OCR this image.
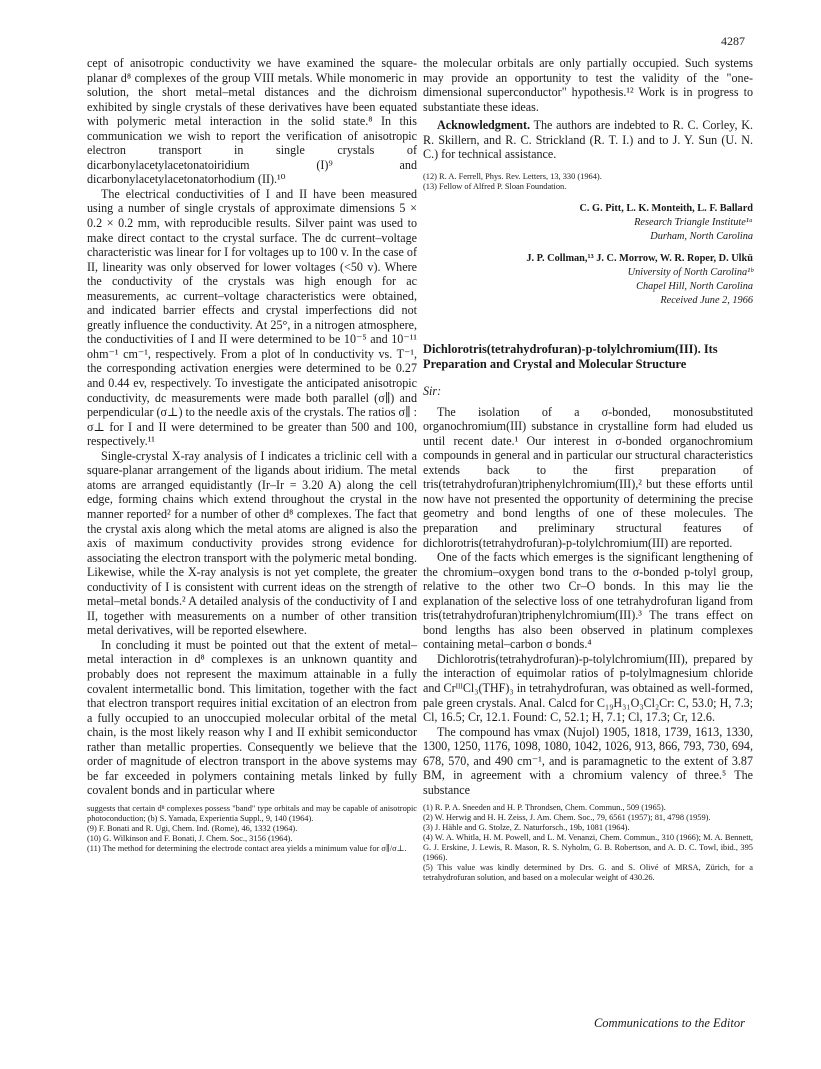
4287

cept of anisotropic conductivity we have examined the square-planar d⁸ complexes of the group VIII metals. While monomeric in solution, the short metal–metal distances and the dichroism exhibited by single crystals of these derivatives have been equated with polymeric metal interaction in the solid state.⁸ In this communication we wish to report the verification of anisotropic electron transport in single crystals of dicarbonylacetylacetonatoiridium (I)⁹ and dicarbonylacetylacetonatorhodium (II).¹⁰

The electrical conductivities of I and II have been measured using a number of single crystals of approximate dimensions 5 × 0.2 × 0.2 mm, with reproducible results. Silver paint was used to make direct contact to the crystal surface. The dc current–voltage characteristic was linear for I for voltages up to 100 v. In the case of II, linearity was only observed for lower voltages (<50 v). Where the conductivity of the crystals was high enough for ac measurements, ac current–voltage characteristics were obtained, and indicated barrier effects and crystal imperfections did not greatly influence the conductivity. At 25°, in a nitrogen atmosphere, the conductivities of I and II were determined to be 10⁻⁵ and 10⁻¹¹ ohm⁻¹ cm⁻¹, respectively. From a plot of ln conductivity vs. T⁻¹, the corresponding activation energies were determined to be 0.27 and 0.44 ev, respectively. To investigate the anticipated anisotropic conductivity, dc measurements were made both parallel (σ∥) and perpendicular (σ⊥) to the needle axis of the crystals. The ratios σ∥ : σ⊥ for I and II were determined to be greater than 500 and 100, respectively.¹¹

Single-crystal X-ray analysis of I indicates a triclinic cell with a square-planar arrangement of the ligands about iridium. The metal atoms are arranged equidistantly (Ir–Ir = 3.20 A) along the cell edge, forming chains which extend throughout the crystal in the manner reported² for a number of other d⁸ complexes. The fact that the crystal axis along which the metal atoms are aligned is also the axis of maximum conductivity provides strong evidence for associating the electron transport with the polymeric metal bonding. Likewise, while the X-ray analysis is not yet complete, the greater conductivity of I is consistent with current ideas on the strength of metal–metal bonds.² A detailed analysis of the conductivity of I and II, together with measurements on a number of other transition metal derivatives, will be reported elsewhere.

In concluding it must be pointed out that the extent of metal–metal interaction in d⁸ complexes is an unknown quantity and probably does not represent the maximum attainable in a fully covalent intermetallic bond. This limitation, together with the fact that electron transport requires initial excitation of an electron from a fully occupied to an unoccupied molecular orbital of the metal chain, is the most likely reason why I and II exhibit semiconductor rather than metallic properties. Consequently we believe that the order of magnitude of electron transport in the above systems may be far exceeded in polymers containing metals linked by fully covalent bonds and in particular where

suggests that certain d⁸ complexes possess "band" type orbitals and may be capable of anisotropic photoconduction; (b) S. Yamada, Experientia Suppl., 9, 140 (1964).

(9) F. Bonati and R. Ugi, Chem. Ind. (Rome), 46, 1332 (1964).

(10) G. Wilkinson and F. Bonati, J. Chem. Soc., 3156 (1964).

(11) The method for determining the electrode contact area yields a minimum value for σ∥/σ⊥.

the molecular orbitals are only partially occupied. Such systems may provide an opportunity to test the validity of the "one-dimensional superconductor" hypothesis.¹² Work is in progress to substantiate these ideas.

Acknowledgment. The authors are indebted to R. C. Corley, K. R. Skillern, and R. C. Strickland (R. T. I.) and to J. Y. Sun (U. N. C.) for technical assistance.

(12) R. A. Ferrell, Phys. Rev. Letters, 13, 330 (1964).

(13) Fellow of Alfred P. Sloan Foundation.

C. G. Pitt, L. K. Monteith, L. F. Ballard
Research Triangle Institute¹ᵃ
Durham, North Carolina
J. P. Collman,¹³ J. C. Morrow, W. R. Roper, D. Ulkü
University of North Carolina¹ᵇ
Chapel Hill, North Carolina
Received June 2, 1966
Dichlorotris(tetrahydrofuran)-p-tolylchromium(III). Its Preparation and Crystal and Molecular Structure
Sir:

The isolation of a σ-bonded, monosubstituted organochromium(III) substance in crystalline form had eluded us until recent date.¹ Our interest in σ-bonded organochromium compounds in general and in particular our structural characteristics extends back to the first preparation of tris(tetrahydrofuran)triphenylchromium(III),² but these efforts until now have not presented the opportunity of determining the precise geometry and bond lengths of one of these molecules. The preparation and preliminary structural features of dichlorotris(tetrahydrofuran)-p-tolylchromium(III) are reported.

One of the facts which emerges is the significant lengthening of the chromium–oxygen bond trans to the σ-bonded p-tolyl group, relative to the other two Cr–O bonds. In this may lie the explanation of the selective loss of one tetrahydrofuran ligand from tris(tetrahydrofuran)triphenylchromium(III).³ The trans effect on bond lengths has also been observed in platinum complexes containing metal–carbon σ bonds.⁴

Dichlorotris(tetrahydrofuran)-p-tolylchromium(III), prepared by the interaction of equimolar ratios of p-tolylmagnesium chloride and CrᴵᴵᴵCl₃(THF)₃ in tetrahydrofuran, was obtained as well-formed, pale green crystals. Anal. Calcd for C₁₉H₃₁O₃Cl₂Cr: C, 53.0; H, 7.3; Cl, 16.5; Cr, 12.1. Found: C, 52.1; H, 7.1; Cl, 17.3; Cr, 12.6.

The compound has νmax (Nujol) 1905, 1818, 1739, 1613, 1330, 1300, 1250, 1176, 1098, 1080, 1042, 1026, 913, 866, 793, 730, 694, 678, 570, and 490 cm⁻¹, and is paramagnetic to the extent of 3.87 BM, in agreement with a chromium valency of three.⁵ The substance

(1) R. P. A. Sneeden and H. P. Throndsen, Chem. Commun., 509 (1965).

(2) W. Herwig and H. H. Zeiss, J. Am. Chem. Soc., 79, 6561 (1957); 81, 4798 (1959).

(3) J. Hähle and G. Stolze, Z. Naturforsch., 19b, 1081 (1964).

(4) W. A. Whitla, H. M. Powell, and L. M. Venanzi, Chem. Commun., 310 (1966); M. A. Bennett, G. J. Erskine, J. Lewis, R. Mason, R. S. Nyholm, G. B. Robertson, and A. D. C. Towl, ibid., 395 (1966).

(5) This value was kindly determined by Drs. G. and S. Olivé of MRSA, Zürich, for a tetrahydrofuran solution, and based on a molecular weight of 430.26.

Communications to the Editor
